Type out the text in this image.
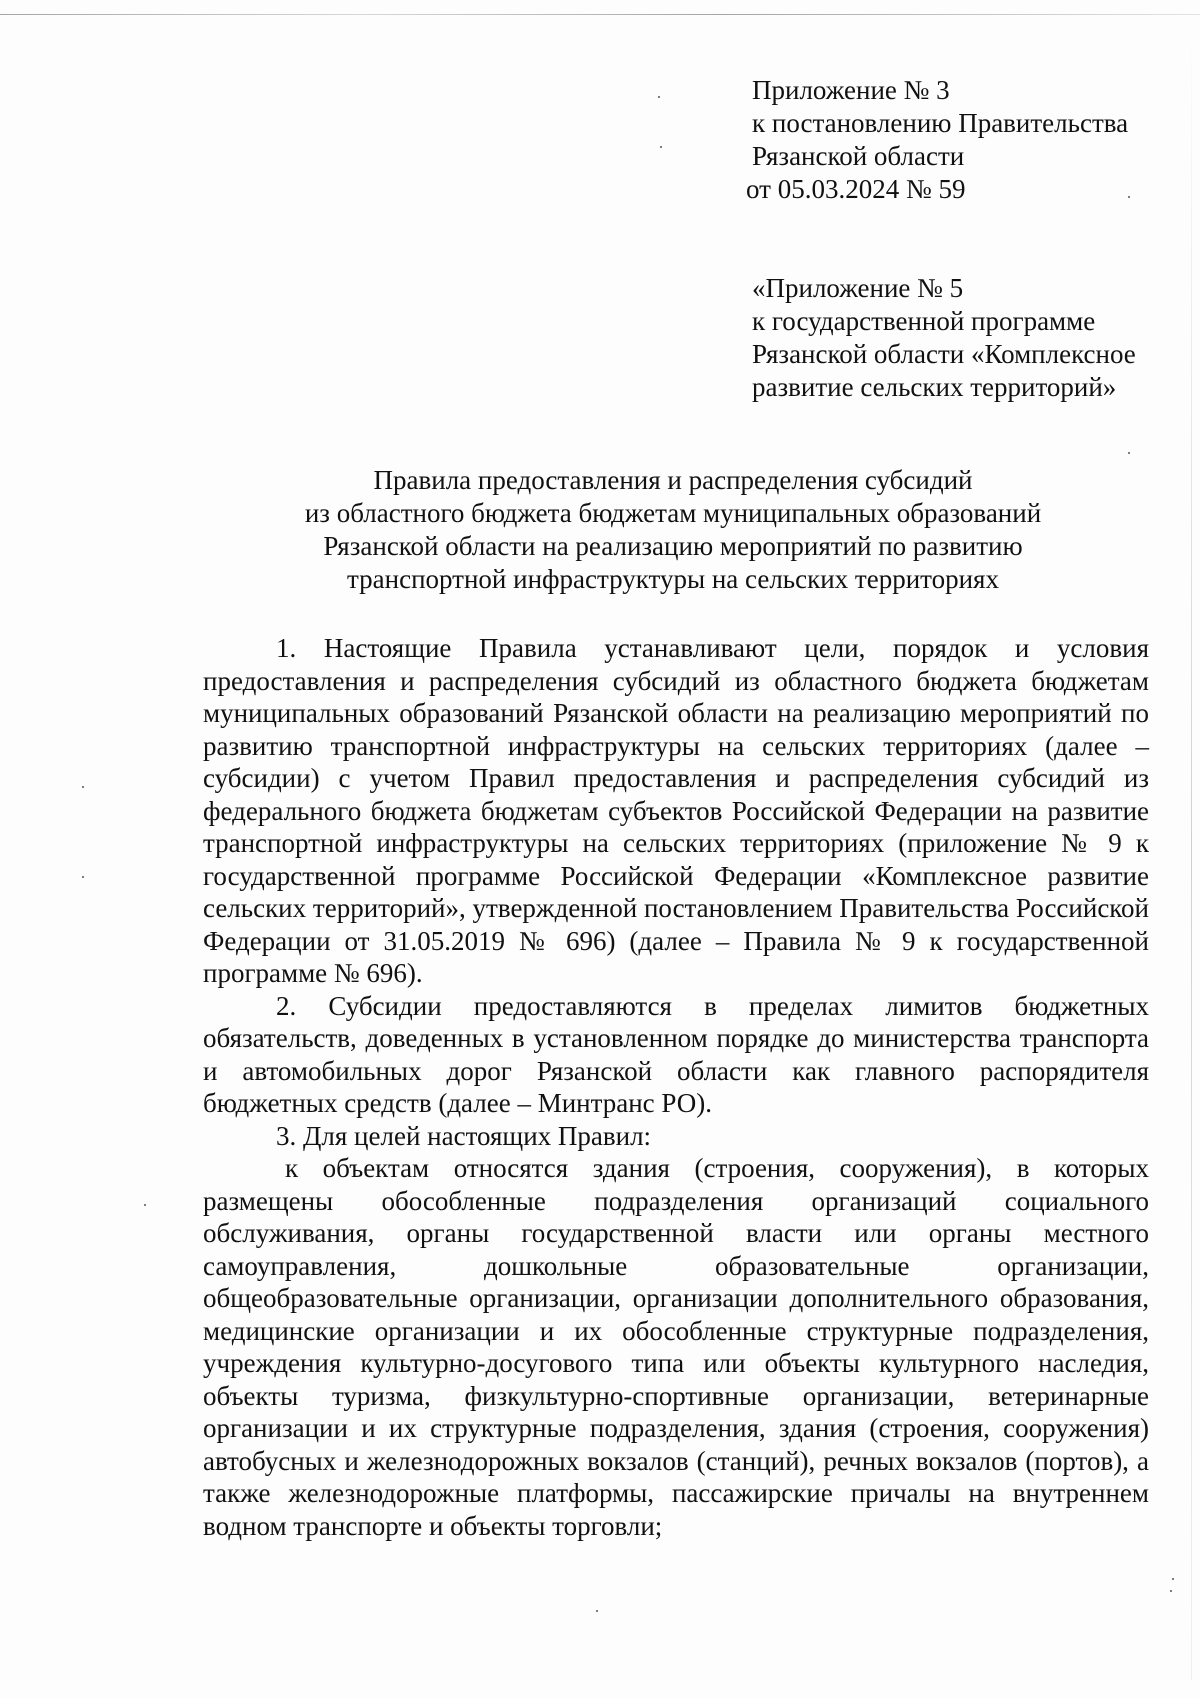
Приложение № 3
к постановлению Правительства
Рязанской области
от 05.03.2024 № 59
«Приложение № 5
к государственной программе
Рязанской области «Комплексное
развитие сельских территорий»
Правила предоставления и распределения субсидий
из областного бюджета бюджетам муниципальных образований
Рязанской области на реализацию мероприятий по развитию
транспортной инфраструктуры на сельских территориях

1. Настоящие Правила устанавливают цели, порядок и условия предоставления и распределения субсидий из областного бюджета бюджетам муниципальных образований Рязанской области на реализацию мероприятий по развитию транспортной инфраструктуры на сельских территориях (далее – субсидии) с учетом Правил предоставления и распределения субсидий из федерального бюджета бюджетам субъектов Российской Федерации на развитие транспортной инфраструктуры на сельских территориях (приложение № 9 к государственной программе Российской Федерации «Комплексное развитие сельских территорий», утвержденной постановлением Правительства Российской Федерации от 31.05.2019 № 696) (далее – Правила № 9 к государственной программе № 696).

2. Субсидии предоставляются в пределах лимитов бюджетных обязательств, доведенных в установленном порядке до министерства транспорта и автомобильных дорог Рязанской области как главного распорядителя бюджетных средств (далее – Минтранс РО).

3. Для целей настоящих Правил:

к объектам относятся здания (строения, сооружения), в которых размещены обособленные подразделения организаций социального обслуживания, органы государственной власти или органы местного самоуправления, дошкольные образовательные организации, общеобразовательные организации, организации дополнительного образования, медицинские организации и их обособленные структурные подразделения, учреждения культурно-досугового типа или объекты культурного наследия, объекты туризма, физкультурно-спортивные организации, ветеринарные организации и их структурные подразделения, здания (строения, сооружения) автобусных и железнодорожных вокзалов (станций), речных вокзалов (портов), а также железнодорожные платформы, пассажирские причалы на внутреннем водном транспорте и объекты торговли;
